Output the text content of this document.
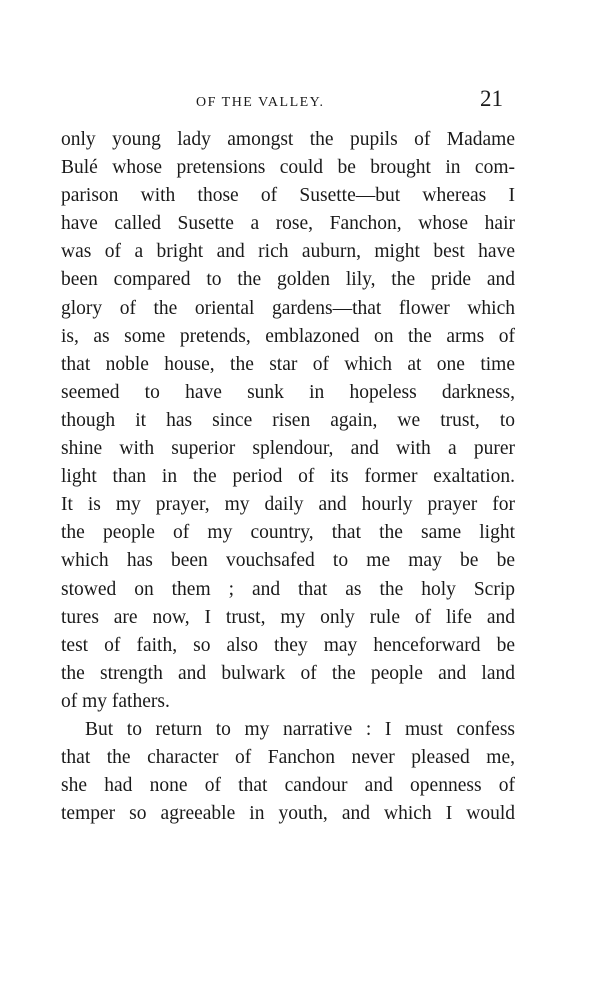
OF THE VALLEY.	21
only young lady amongst the pupils of Madame
Bulé whose pretensions could be brought in com-
parison with those of Susette—but whereas I
have called Susette a rose, Fanchon, whose hair
was of a bright and rich auburn, might best have
been compared to the golden lily, the pride and
glory of the oriental gardens—that flower which
is, as some pretends, emblazoned on the arms of
that noble house, the star of which at one time
seemed to have sunk in hopeless darkness,
though it has since risen again, we trust, to
shine with superior splendour, and with a purer
light than in the period of its former exaltation.
It is my prayer, my daily and hourly prayer for
the people of my country, that the same light
which has been vouchsafed to me may be be
stowed on them ; and that as the holy Scrip
tures are now, I trust, my only rule of life and
test of faith, so also they may henceforward be
the strength and bulwark of the people and land
of my fathers.
But to return to my narrative : I must confess
that the character of Fanchon never pleased me,
she had none of that candour and openness of
temper so agreeable in youth, and which I would
